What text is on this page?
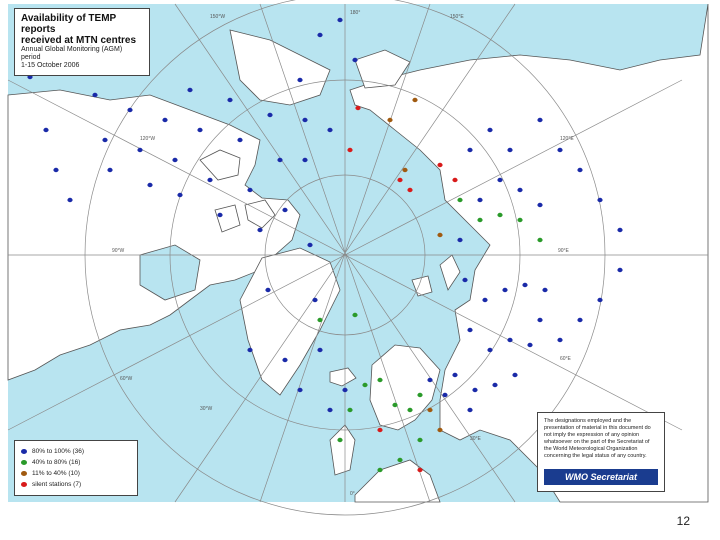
90°W	90°E
150°W
120°W
60°W
30°W
0°
30°E
60°E
120°E
150°E
180°
Availability of TEMP reports
received at MTN centres
Annual Global Monitoring (AGM)
period
1-15 October 2006
80% to 100% (36)
40% to 80% (16)
11% to 40% (10)
silent stations (7)
The designations employed and the presentation of material in this document do not imply the expression of any opinion whatsoever on the part of the Secretariat of the World Meteorological Organization concerning the legal status of any country.
WMO Secretariat
12
